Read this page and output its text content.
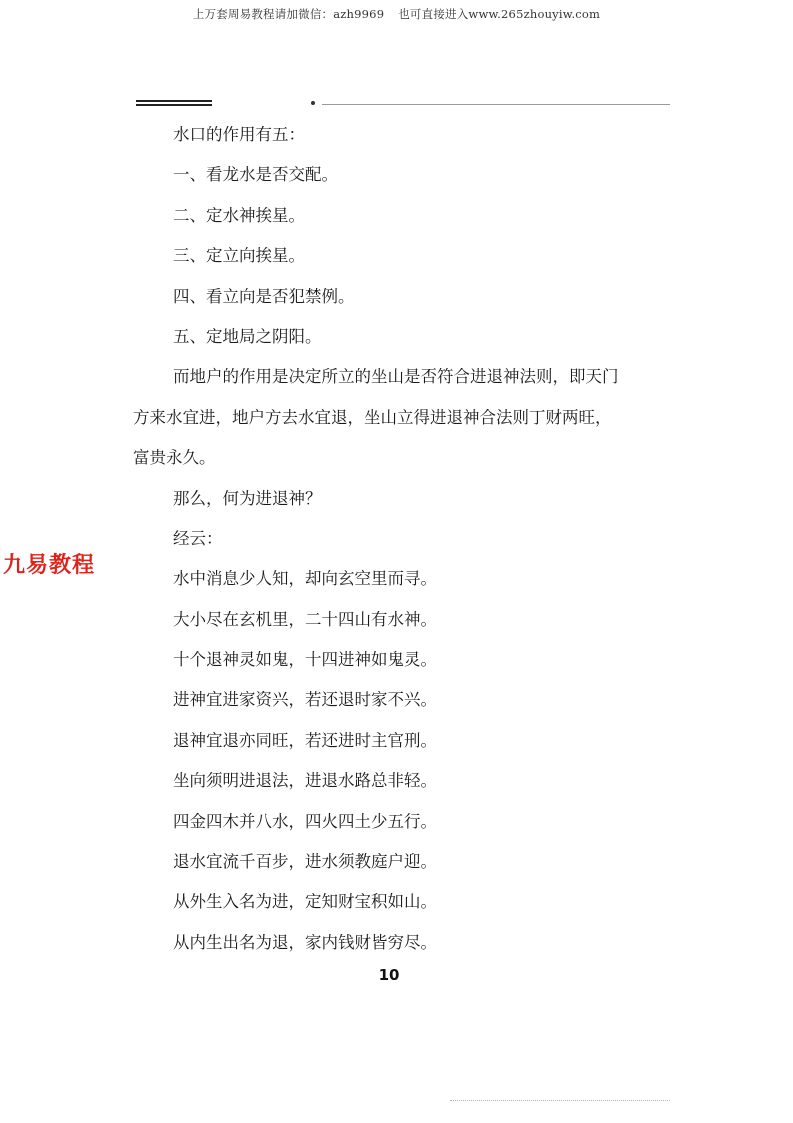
上万套周易教程请加微信：azh9969 也可直接进入www.265zhouyiw.com

水口的作用有五：

一、看龙水是否交配。

二、定水神挨星。

三、定立向挨星。

四、看立向是否犯禁例。

五、定地局之阴阳。

而地户的作用是决定所立的坐山是否符合进退神法则，即天门

方来水宜进，地户方去水宜退，坐山立得进退神合法则丁财两旺，

富贵永久。

那么，何为进退神？

经云：

水中消息少人知，却向玄空里而寻。

大小尽在玄机里，二十四山有水神。

十个退神灵如鬼，十四进神如鬼灵。

进神宜进家资兴，若还退时家不兴。

退神宜退亦同旺，若还进时主官刑。

坐向须明进退法，进退水路总非轻。

四金四木并八水，四火四土少五行。

退水宜流千百步，进水须教庭户迎。

从外生入名为进，定知财宝积如山。

从内生出名为退，家内钱财皆穷尽。

九易教程
10
